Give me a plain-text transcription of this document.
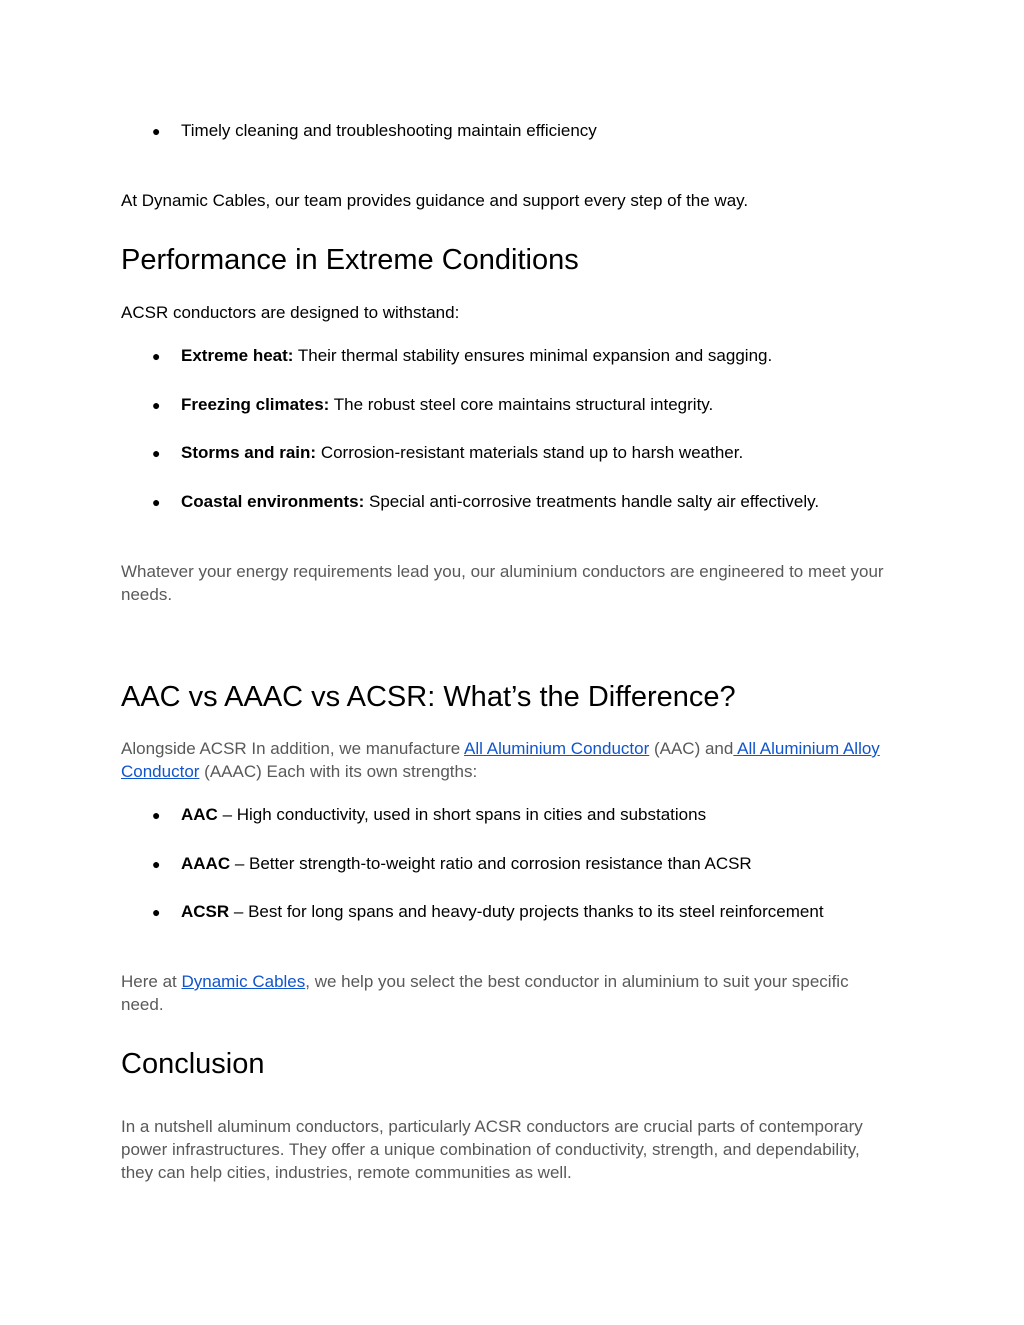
● Timely cleaning and troubleshooting maintain efficiency
At Dynamic Cables, our team provides guidance and support every step of the way.
Performance in Extreme Conditions
ACSR conductors are designed to withstand:
● Extreme heat: Their thermal stability ensures minimal expansion and sagging.
● Freezing climates: The robust steel core maintains structural integrity.
● Storms and rain: Corrosion-resistant materials stand up to harsh weather.
● Coastal environments: Special anti-corrosive treatments handle salty air effectively.
Whatever your energy requirements lead you, our aluminium conductors are engineered to meet your needs.
AAC vs AAAC vs ACSR: What’s the Difference?
Alongside ACSR In addition, we manufacture All Aluminium Conductor (AAC) and All Aluminium Alloy Conductor (AAAC) Each with its own strengths:
● AAC – High conductivity, used in short spans in cities and substations
● AAAC – Better strength-to-weight ratio and corrosion resistance than ACSR
● ACSR – Best for long spans and heavy-duty projects thanks to its steel reinforcement
Here at Dynamic Cables, we help you select the best conductor in aluminium to suit your specific need.
Conclusion
In a nutshell aluminum conductors, particularly ACSR conductors are crucial parts of contemporary power infrastructures. They offer a unique combination of conductivity, strength, and dependability, they can help cities, industries, remote communities as well.
